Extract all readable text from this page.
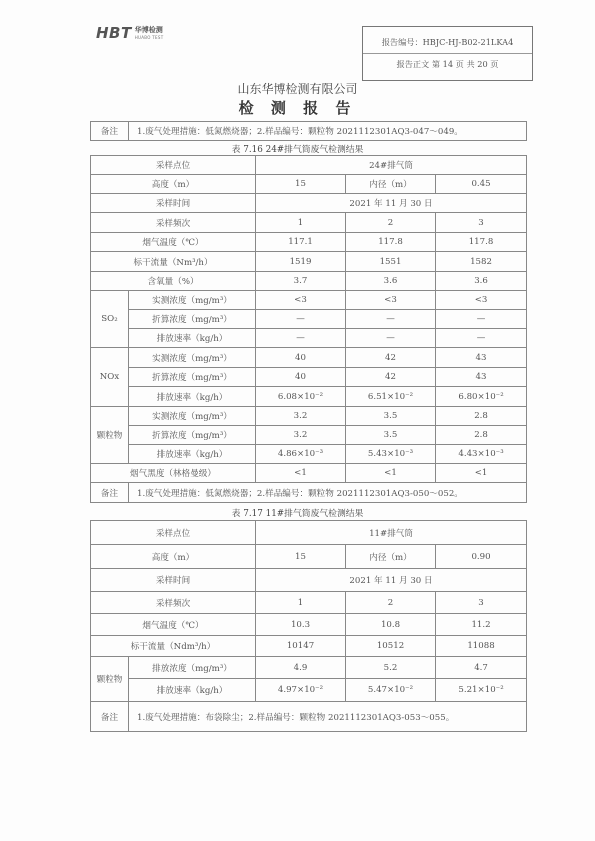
HBT 华博检测
HUABO TEST	报告编号：HBJC-HJ-B02-21LKA4
报告正文 第 14 页 共 20 页
山东华博检测有限公司
检 测 报 告
备注	1.废气处理措施：低氮燃烧器；2.样品编号：颗粒物 2021112301AQ3-047～049。
表 7.16 24#排气筒废气检测结果
采样点位		24#排气筒		
高度（m）		15	内径（m）	0.45
采样时间		2021 年 11 月 30 日		
采样频次		1	2	3
烟气温度（℃）		117.1	117.8	117.8
标干流量（Nm³/h）		1519	1551	1582
含氧量（%）		3.7	3.6	3.6
SO₂	实测浓度（mg/m³）	<3	<3	<3
	折算浓度（mg/m³）	—	—	—
	排放速率（kg/h）	—	—	—
NOx	实测浓度（mg/m³）	40	42	43
	折算浓度（mg/m³）	40	42	43
	排放速率（kg/h）	6.08×10⁻²	6.51×10⁻²	6.80×10⁻²
颗粒物	实测浓度（mg/m³）	3.2	3.5	2.8
	折算浓度（mg/m³）	3.2	3.5	2.8
	排放速率（kg/h）	4.86×10⁻³	5.43×10⁻³	4.43×10⁻³
烟气黑度（林格曼级）		<1	<1	<1
备注	1.废气处理措施：低氮燃烧器；2.样品编号：颗粒物 2021112301AQ3-050～052。			
表 7.17 11#排气筒废气检测结果
采样点位		11#排气筒		
高度（m）		15	内径（m）	0.90
采样时间		2021 年 11 月 30 日		
采样频次		1	2	3
烟气温度（℃）		10.3	10.8	11.2
标干流量（Ndm³/h）		10147	10512	11088
颗粒物	排放浓度（mg/m³）	4.9	5.2	4.7
	排放速率（kg/h）	4.97×10⁻²	5.47×10⁻²	5.21×10⁻²
备注	1.废气处理措施：布袋除尘；2.样品编号：颗粒物 2021112301AQ3-053～055。			
